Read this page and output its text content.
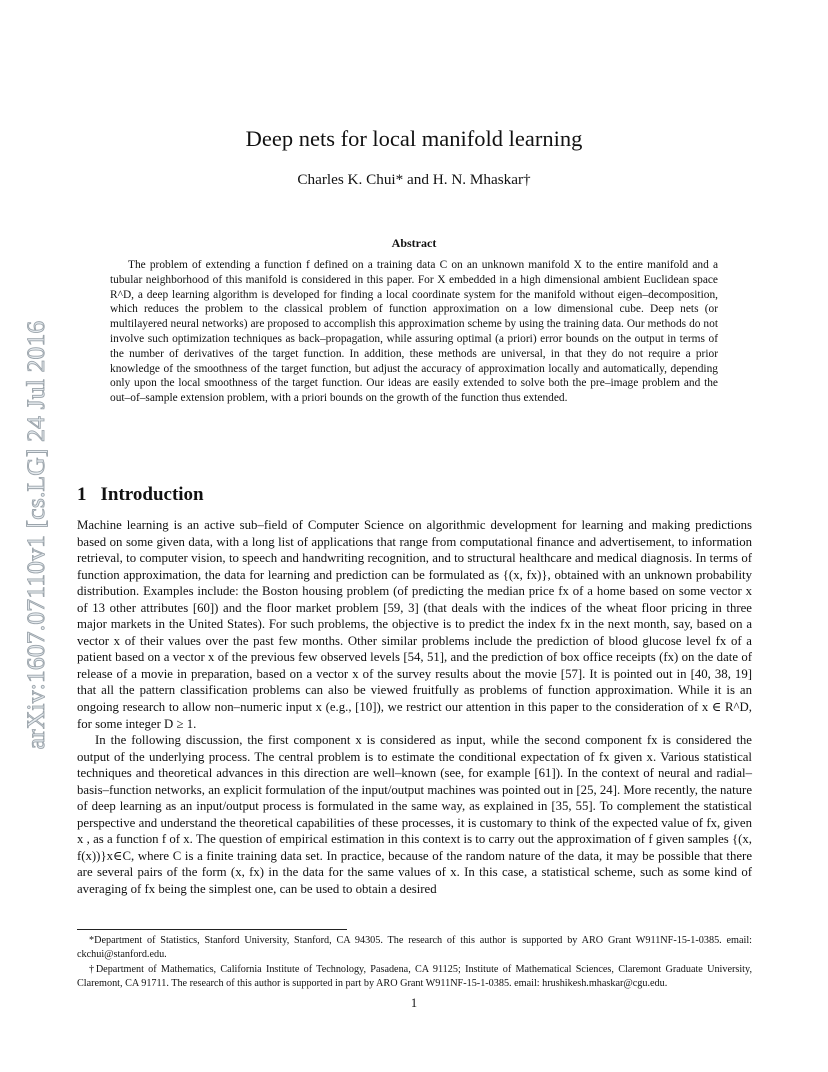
arXiv:1607.07110v1 [cs.LG] 24 Jul 2016
Deep nets for local manifold learning
Charles K. Chui* and H. N. Mhaskar†
Abstract

The problem of extending a function f defined on a training data C on an unknown manifold X to the entire manifold and a tubular neighborhood of this manifold is considered in this paper. For X embedded in a high dimensional ambient Euclidean space R^D, a deep learning algorithm is developed for finding a local coordinate system for the manifold without eigen–decomposition, which reduces the problem to the classical problem of function approximation on a low dimensional cube. Deep nets (or multilayered neural networks) are proposed to accomplish this approximation scheme by using the training data. Our methods do not involve such optimization techniques as back–propagation, while assuring optimal (a priori) error bounds on the output in terms of the number of derivatives of the target function. In addition, these methods are universal, in that they do not require a prior knowledge of the smoothness of the target function, but adjust the accuracy of approximation locally and automatically, depending only upon the local smoothness of the target function. Our ideas are easily extended to solve both the pre–image problem and the out–of–sample extension problem, with a priori bounds on the growth of the function thus extended.

1 Introduction

Machine learning is an active sub–field of Computer Science on algorithmic development for learning and making predictions based on some given data, with a long list of applications that range from computational finance and advertisement, to information retrieval, to computer vision, to speech and handwriting recognition, and to structural healthcare and medical diagnosis. In terms of function approximation, the data for learning and prediction can be formulated as {(x, fx)}, obtained with an unknown probability distribution. Examples include: the Boston housing problem (of predicting the median price fx of a home based on some vector x of 13 other attributes [60]) and the floor market problem [59, 3] (that deals with the indices of the wheat floor pricing in three major markets in the United States). For such problems, the objective is to predict the index fx in the next month, say, based on a vector x of their values over the past few months. Other similar problems include the prediction of blood glucose level fx of a patient based on a vector x of the previous few observed levels [54, 51], and the prediction of box office receipts (fx) on the date of release of a movie in preparation, based on a vector x of the survey results about the movie [57]. It is pointed out in [40, 38, 19] that all the pattern classification problems can also be viewed fruitfully as problems of function approximation. While it is an ongoing research to allow non–numeric input x (e.g., [10]), we restrict our attention in this paper to the consideration of x ∈ R^D, for some integer D ≥ 1.

In the following discussion, the first component x is considered as input, while the second component fx is considered the output of the underlying process. The central problem is to estimate the conditional expectation of fx given x. Various statistical techniques and theoretical advances in this direction are well–known (see, for example [61]). In the context of neural and radial–basis–function networks, an explicit formulation of the input/output machines was pointed out in [25, 24]. More recently, the nature of deep learning as an input/output process is formulated in the same way, as explained in [35, 55]. To complement the statistical perspective and understand the theoretical capabilities of these processes, it is customary to think of the expected value of fx, given x , as a function f of x. The question of empirical estimation in this context is to carry out the approximation of f given samples {(x, f(x))}x∈C, where C is a finite training data set. In practice, because of the random nature of the data, it may be possible that there are several pairs of the form (x, fx) in the data for the same values of x. In this case, a statistical scheme, such as some kind of averaging of fx being the simplest one, can be used to obtain a desired

*Department of Statistics, Stanford University, Stanford, CA 94305. The research of this author is supported by ARO Grant W911NF-15-1-0385. email: ckchui@stanford.edu.

†Department of Mathematics, California Institute of Technology, Pasadena, CA 91125; Institute of Mathematical Sciences, Claremont Graduate University, Claremont, CA 91711. The research of this author is supported in part by ARO Grant W911NF-15-1-0385. email: hrushikesh.mhaskar@cgu.edu.

1
